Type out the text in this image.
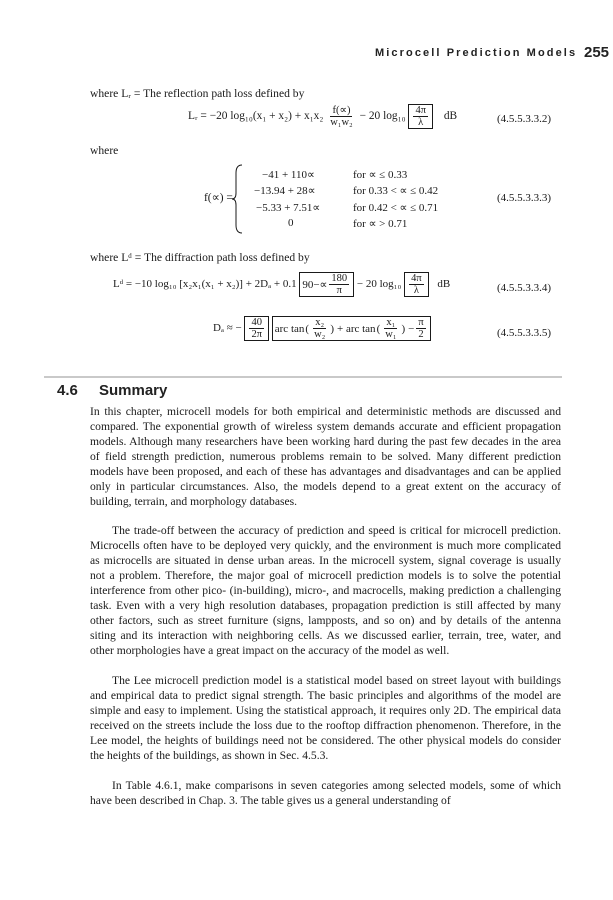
Microcell Prediction Models 255
where Lᵣ = The reflection path loss defined by
Lᵣ = −20 $\log_{10}(x_1 + x_2) + x_1x_2 \frac{f(\propto)}{\text{w₁w₂}} - 20$ $\log_{10} \frac{4\pi}{\lambda}$ dB	(4.5.5.3.3.2)
where
f(∝) =
−41 + 110∝	for ∝ ≤ 0.33
−13.94 + 28∝	for 0.33 < ∝ ≤ 0.42
−5.33 + 7.51∝	for 0.42 < ∝ ≤ 0.71
0	for ∝ > 0.71
(4.5.5.3.3.3)
where Lᵈ = The diffraction path loss defined by
Lᵈ = −10 log₁₀ [x₂x₁(x₁ + x₂)] + 2Dₐ + 0.1 $90-\propto \frac{180}{\pi} - 20$ $\log_{10} \frac{4\pi}{\lambda}$ dB	(4.5.5.3.3.4)
Dₐ ≈ − $\frac{40}{2\pi}$
arc tan ( $\frac{\text{x₂}}{\text{w₂}}$ ) + arc tan ( $\frac{\text{x₁}}{\text{w₁}}$ ) − $\frac{\pi}{2}$	(4.5.5.3.3.5)
4.6 Summary
In this chapter, microcell models for both empirical and deterministic methods are discussed and compared. The exponential growth of wireless system demands accurate and efficient propagation models. Although many researchers have been working hard during the past few decades in the area of field strength prediction, numerous problems remain to be solved. Many different prediction models have been proposed, and each of these has advantages and disadvantages and can be applied only in particular circumstances. Also, the models depend to a great extent on the accuracy of building, terrain, and morphology databases.
The trade-off between the accuracy of prediction and speed is critical for microcell prediction. Microcells often have to be deployed very quickly, and the environment is much more complicated as microcells are situated in dense urban areas. In the microcell system, signal coverage is usually not a problem. Therefore, the major goal of microcell prediction models is to solve the potential interference from other pico- (in-building), micro-, and macrocells, making prediction a challenging task. Even with a very high resolution databases, propagation prediction is still affected by many other factors, such as street furniture (signs, lampposts, and so on) and by details of the antenna siting and its interaction with neighboring cells. As we discussed earlier, terrain, tree, water, and other morphologies have a great impact on the accuracy of the model as well.
The Lee microcell prediction model is a statistical model based on street layout with buildings and empirical data to predict signal strength. The basic principles and algorithms of the model are simple and easy to implement. Using the statistical approach, it requires only 2D. The empirical data received on the streets include the loss due to the rooftop diffraction phenomenon. Therefore, in the Lee model, the heights of buildings need not be considered. The other physical models do consider the heights of the buildings, as shown in Sec. 4.5.3.
In Table 4.6.1, make comparisons in seven categories among selected models, some of which have been described in Chap. 3. The table gives us a general understanding of
